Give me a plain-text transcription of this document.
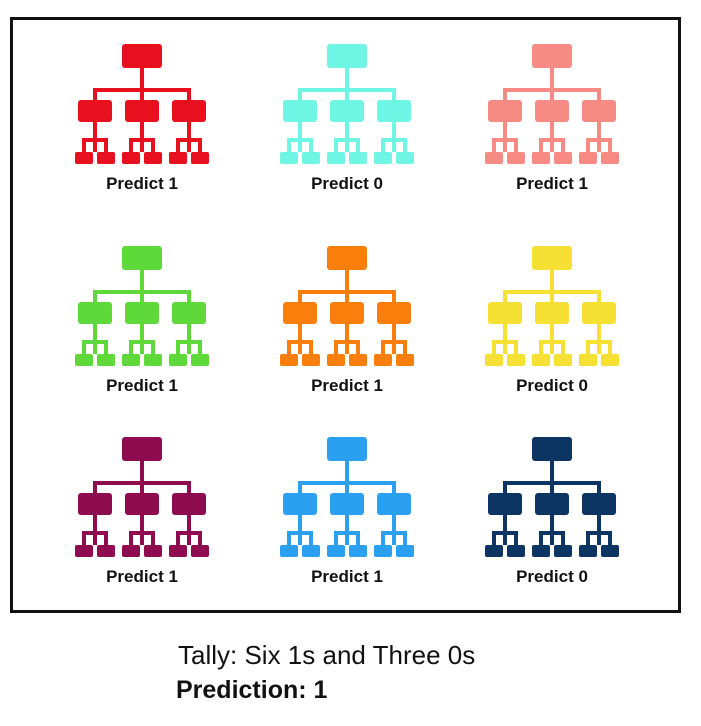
Predict 1	Predict 0	Predict 1
Predict 1	Predict 1	Predict 0
Predict 1	Predict 1	Predict 0
Tally: Six 1s and Three 0s
Prediction: 1
